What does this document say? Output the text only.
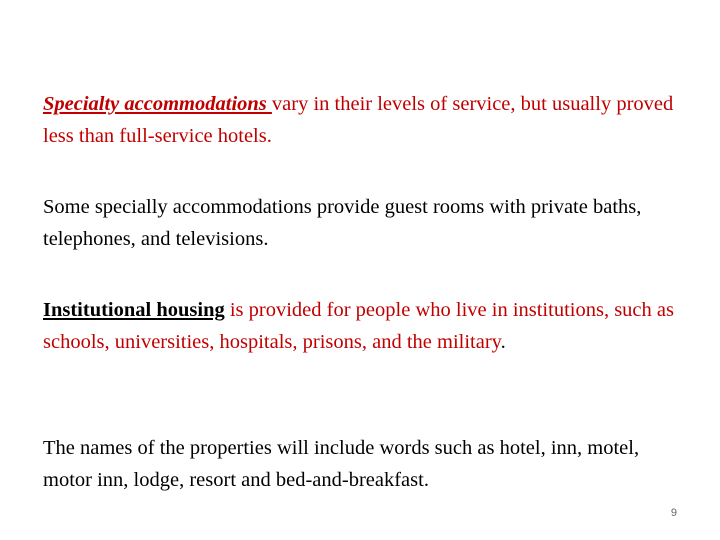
Specialty accommodations vary in their levels of service, but usually proved less than full-service hotels.

Some specially accommodations provide guest rooms with private baths, telephones, and televisions.

Institutional housing is provided for people who live in institutions, such as schools, universities, hospitals, prisons, and the military.

The names of the properties will include words such as hotel, inn, motel, motor inn, lodge, resort and bed-and-breakfast.

9
